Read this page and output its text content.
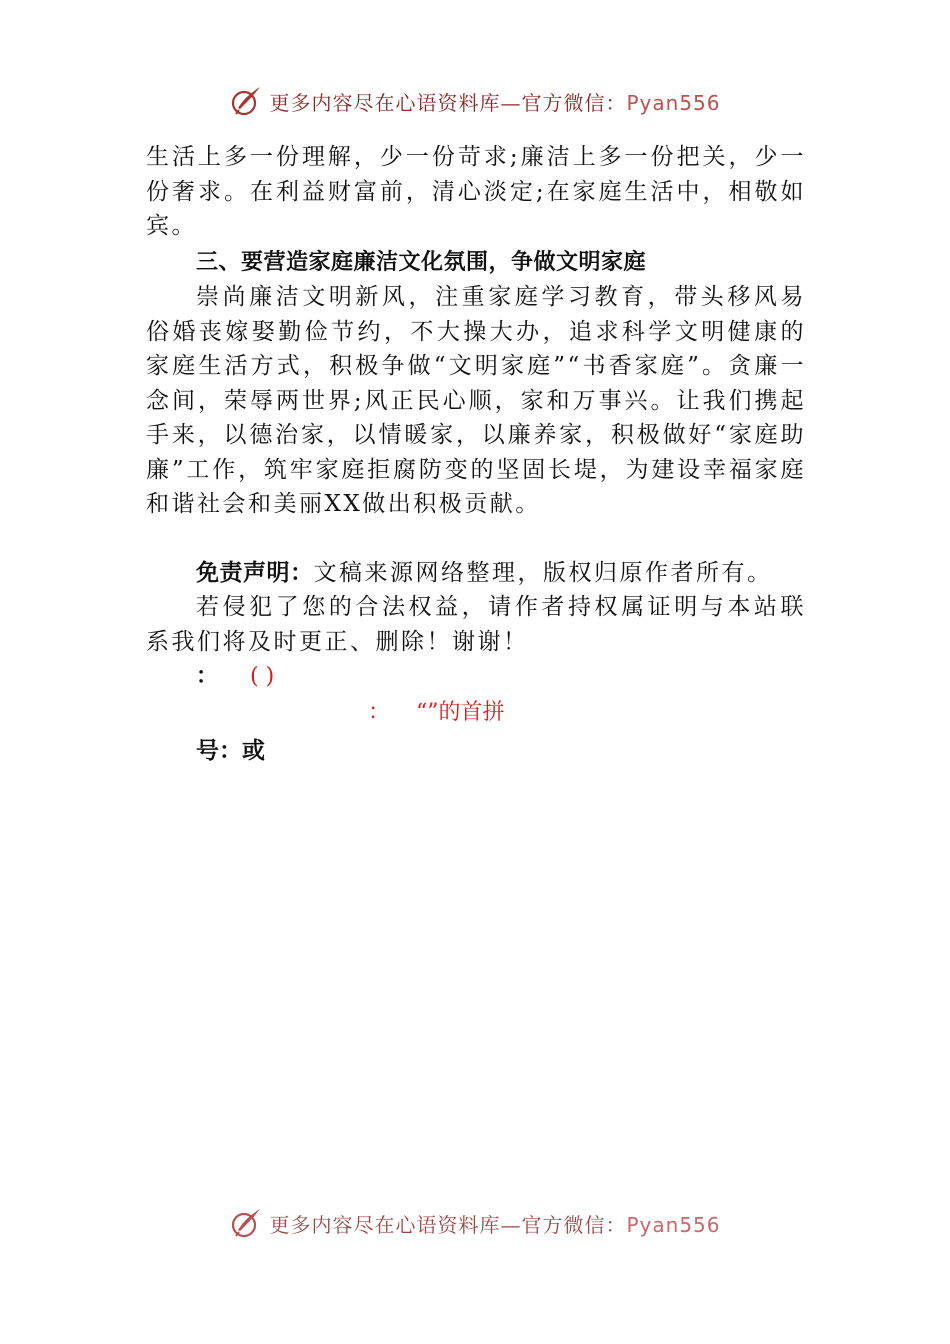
更多内容尽在心语资料库—官方微信：Pyan556

生活上多一份理解，少一份苛求;廉洁上多一份把关，少一份奢求。在利益财富前，清心淡定;在家庭生活中，相敬如宾。

三、要营造家庭廉洁文化氛围，争做文明家庭

崇尚廉洁文明新风，注重家庭学习教育，带头移风易俗婚丧嫁娶勤俭节约，不大操大办，追求科学文明健康的家庭生活方式，积极争做“文明家庭”“书香家庭”。贪廉一念间，荣辱两世界;风正民心顺，家和万事兴。让我们携起手来，以德治家，以情暖家，以廉养家，积极做好“家庭助廉”工作，筑牢家庭拒腐防变的坚固长堤，为建设幸福家庭和谐社会和美丽XX做出积极贡献。

免责声明：文稿来源网络整理，版权归原作者所有。

若侵犯了您的合法权益，请作者持权属证明与本站联系我们将及时更正、删除！谢谢！

： ( )
： “”的首拼
号：或
更多内容尽在心语资料库—官方微信：Pyan556
